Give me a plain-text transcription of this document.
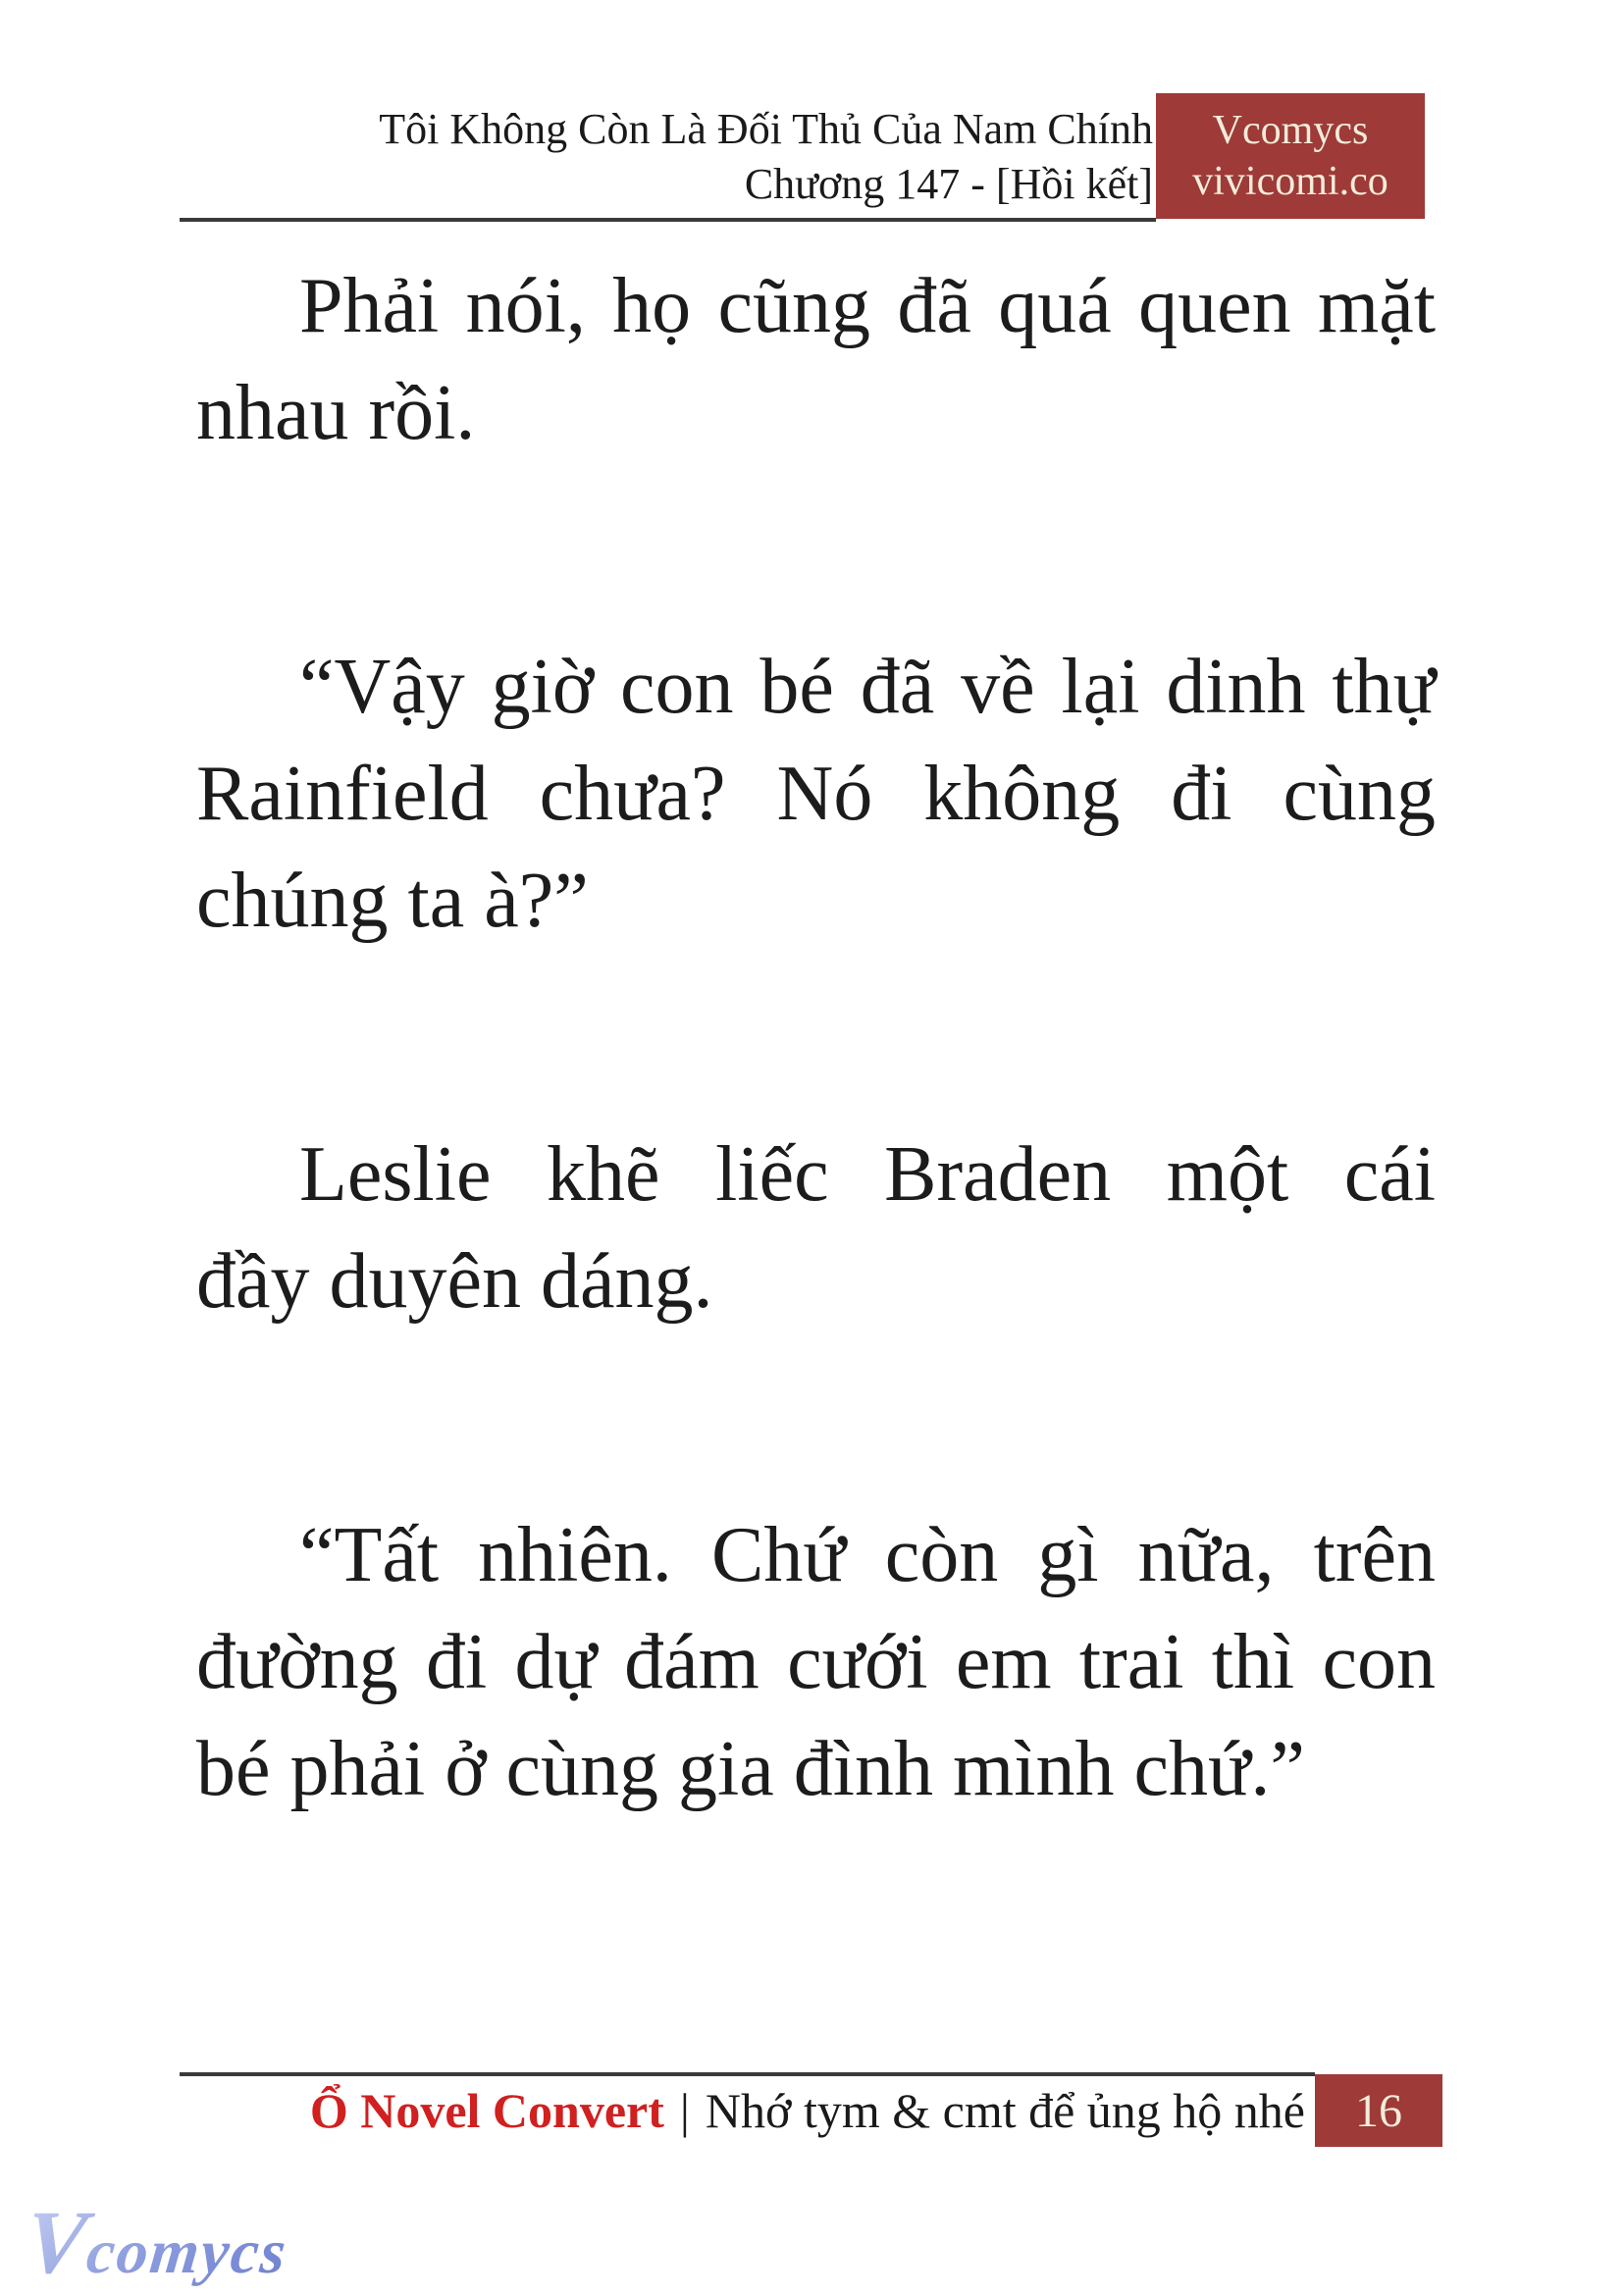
Tôi Không Còn Là Đối Thủ Của Nam Chính
Chương 147 - [Hồi kết]
Vcomycs
vivicomi.co
Phải nói, họ cũng đã quá quen mặt
nhau rồi.
“Vậy giờ con bé đã về lại dinh thự
Rainfield chưa? Nó không đi cùng
chúng ta à?”
Leslie khẽ liếc Braden một cái
đầy duyên dáng.
“Tất nhiên. Chứ còn gì nữa, trên
đường đi dự đám cưới em trai thì con
bé phải ở cùng gia đình mình chứ.”
Ổ Novel Convert | Nhớ tym & cmt để ủng hộ nhé 16
Vcomycs
